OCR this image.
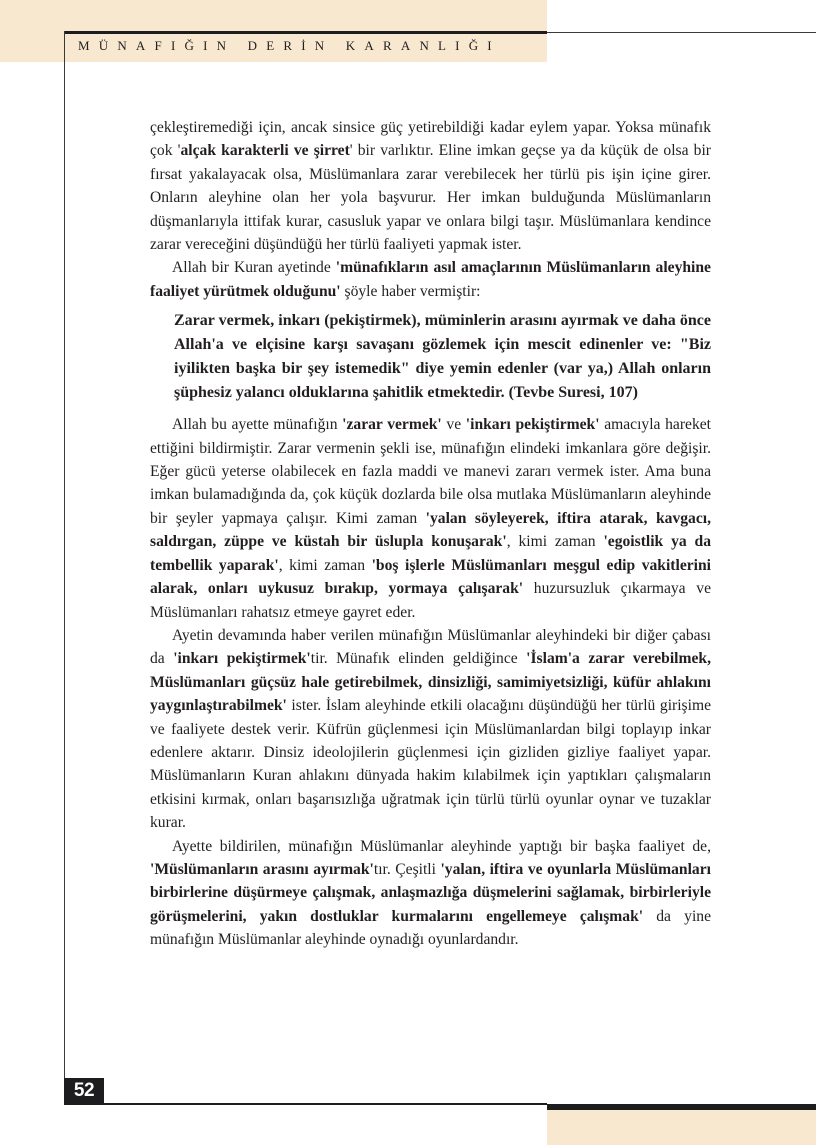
MÜNAFIĞIN DERİN KARANLIĞI

çekleştiremediği için, ancak sinsice güç yetirebildiği kadar eylem yapar. Yoksa münafık çok 'alçak karakterli ve şirret' bir varlıktır. Eline imkan geçse ya da küçük de olsa bir fırsat yakalayacak olsa, Müslümanlara zarar verebilecek her türlü pis işin içine girer. Onların aleyhine olan her yola başvurur. Her imkan bulduğunda Müslümanların düşmanlarıyla ittifak kurar, casusluk yapar ve onlara bilgi taşır. Müslümanlara kendince zarar vereceğini düşündüğü her türlü faaliyeti yapmak ister.

Allah bir Kuran ayetinde 'münafıkların asıl amaçlarının Müslümanların aleyhine faaliyet yürütmek olduğunu' şöyle haber vermiştir:

Zarar vermek, inkarı (pekiştirmek), müminlerin arasını ayırmak ve daha önce Allah'a ve elçisine karşı savaşanı gözlemek için mescit edinenler ve: "Biz iyilikten başka bir şey istemedik" diye yemin edenler (var ya,) Allah onların şüphesiz yalancı olduklarına şahitlik etmektedir. (Tevbe Suresi, 107)

Allah bu ayette münafığın 'zarar vermek' ve 'inkarı pekiştirmek' amacıyla hareket ettiğini bildirmiştir. Zarar vermenin şekli ise, münafığın elindeki imkanlara göre değişir. Eğer gücü yeterse olabilecek en fazla maddi ve manevi zararı vermek ister. Ama buna imkan bulamadığında da, çok küçük dozlarda bile olsa mutlaka Müslümanların aleyhinde bir şeyler yapmaya çalışır. Kimi zaman 'yalan söyleyerek, iftira atarak, kavgacı, saldırgan, züppe ve küstah bir üslupla konuşarak', kimi zaman 'egoistlik ya da tembellik yaparak', kimi zaman 'boş işlerle Müslümanları meşgul edip vakitlerini alarak, onları uykusuz bırakıp, yormaya çalışarak' huzursuzluk çıkarmaya ve Müslümanları rahatsız etmeye gayret eder.

Ayetin devamında haber verilen münafığın Müslümanlar aleyhindeki bir diğer çabası da 'inkarı pekiştirmek'tir. Münafık elinden geldiğince 'İslam'a zarar verebilmek, Müslümanları güçsüz hale getirebilmek, dinsizliği, samimiyetsizliği, küfür ahlakını yaygınlaştırabilmek' ister. İslam aleyhinde etkili olacağını düşündüğü her türlü girişime ve faaliyete destek verir. Küfrün güçlenmesi için Müslümanlardan bilgi toplayıp inkar edenlere aktarır. Dinsiz ideolojilerin güçlenmesi için gizliden gizliye faaliyet yapar. Müslümanların Kuran ahlakını dünyada hakim kılabilmek için yaptıkları çalışmaların etkisini kırmak, onları başarısızlığa uğratmak için türlü türlü oyunlar oynar ve tuzaklar kurar.

Ayette bildirilen, münafığın Müslümanlar aleyhinde yaptığı bir başka faaliyet de, 'Müslümanların arasını ayırmak'tır. Çeşitli 'yalan, iftira ve oyunlarla Müslümanları birbirlerine düşürmeye çalışmak, anlaşmazlığa düşmelerini sağlamak, birbirleriyle görüşmelerini, yakın dostluklar kurmalarını engellemeye çalışmak' da yine münafığın Müslümanlar aleyhinde oynadığı oyunlardandır.

52
